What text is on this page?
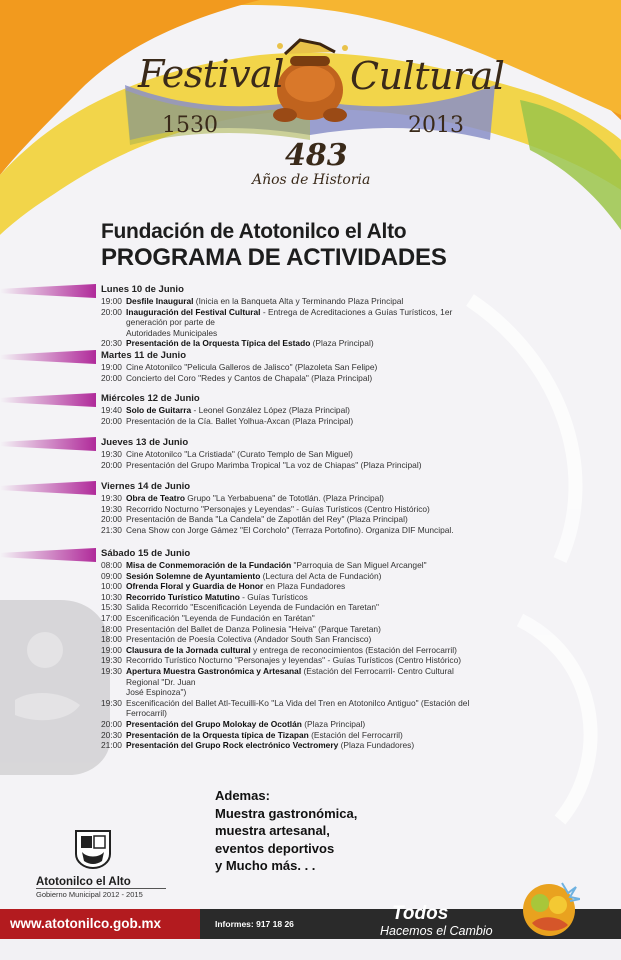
Festival Cultural
1530	2013
483
Años de Historia
Fundación de Atotonilco el Alto
PROGRAMA DE ACTIVIDADES
Lunes 10 de Junio
19:00 Desfile Inaugural (Inicia en la Banqueta Alta y Terminando Plaza Principal
20:00 Inauguración del Festival Cultural - Entrega de Acreditaciones a Guías Turísticos, 1er generación por parte de
Autoridades Municipales
20:30 Presentación de la Orquesta Típica del Estado (Plaza Principal)
Martes 11 de Junio
19:00 Cine Atotonilco "Pelicula Galleros de Jalisco" (Plazoleta San Felipe)
20:00 Concierto del Coro "Redes y Cantos de Chapala" (Plaza Principal)
Miércoles 12 de Junio
19:40 Solo de Guitarra - Leonel González López (Plaza Principal)
20:00 Presentación de la Cía. Ballet Yolhua-Axcan (Plaza Principal)
Jueves 13 de Junio
19:30 Cine Atotonilco "La Cristiada" (Curato Templo de San Miguel)
20:00 Presentación del Grupo Marimba Tropical "La voz de Chiapas" (Plaza Principal)
Viernes 14 de Junio
19:30 Obra de Teatro Grupo "La Yerbabuena" de Tototlán. (Plaza Principal)
19:30 Recorrido Nocturno "Personajes y Leyendas" - Guías Turísticos (Centro Histórico)
20:00 Presentación de Banda "La Candela" de Zapotlán del Rey" (Plaza Principal)
21:30 Cena Show con Jorge Gámez "El Corcholo" (Terraza Portofino). Organiza DIF Muncipal.
Sábado 15 de Junio
08:00 Misa de Conmemoración de la Fundación "Parroquia de San Miguel Arcangel"
09:00 Sesión Solemne de Ayuntamiento (Lectura del Acta de Fundación)
10:00 Ofrenda Floral y Guardia de Honor en Plaza Fundadores
10:30 Recorrido Turístico Matutino - Guías Turísticos
15:30 Salida Recorrido "Escenificación Leyenda de Fundación en Taretan"
17:00 Escenificación "Leyenda de Fundación en Tarétan"
18:00 Presentación del Ballet de Danza Polinesia "Heiva" (Parque Taretan)
18:00 Presentación de Poesía Colectiva (Andador South San Francisco)
19:00 Clausura de la Jornada cultural y entrega de reconocimientos (Estación del Ferrocarril)
19:30 Recorrido Turístico Nocturno "Personajes y leyendas" - Guías Turísticos (Centro Histórico)
19:30 Apertura Muestra Gastronómica y Artesanal (Estación del Ferrocarril- Centro Cultural Regional "Dr. Juan
José Espinoza")
19:30 Escenificación del Ballet Atl-Tecuilli-Ko "La Vida del Tren en Atotonilco Antiguo" (Estación del Ferrocarril)
20:00 Presentación del Grupo Molokay de Ocotlán (Plaza Principal)
20:30 Presentación de la Orquesta típica de Tizapan (Estación del Ferrocarril)
21:00 Presentación del Grupo Rock electrónico Vectromery (Plaza Fundadores)
Ademas:
Muestra gastronómica,
muestra artesanal,
eventos deportivos
y Mucho más. . .
Atotonilco el Alto
Gobierno Municipal 2012 - 2015
www.atotonilco.gob.mx	Informes: 917 18 26	Todos
Hacemos el Cambio
